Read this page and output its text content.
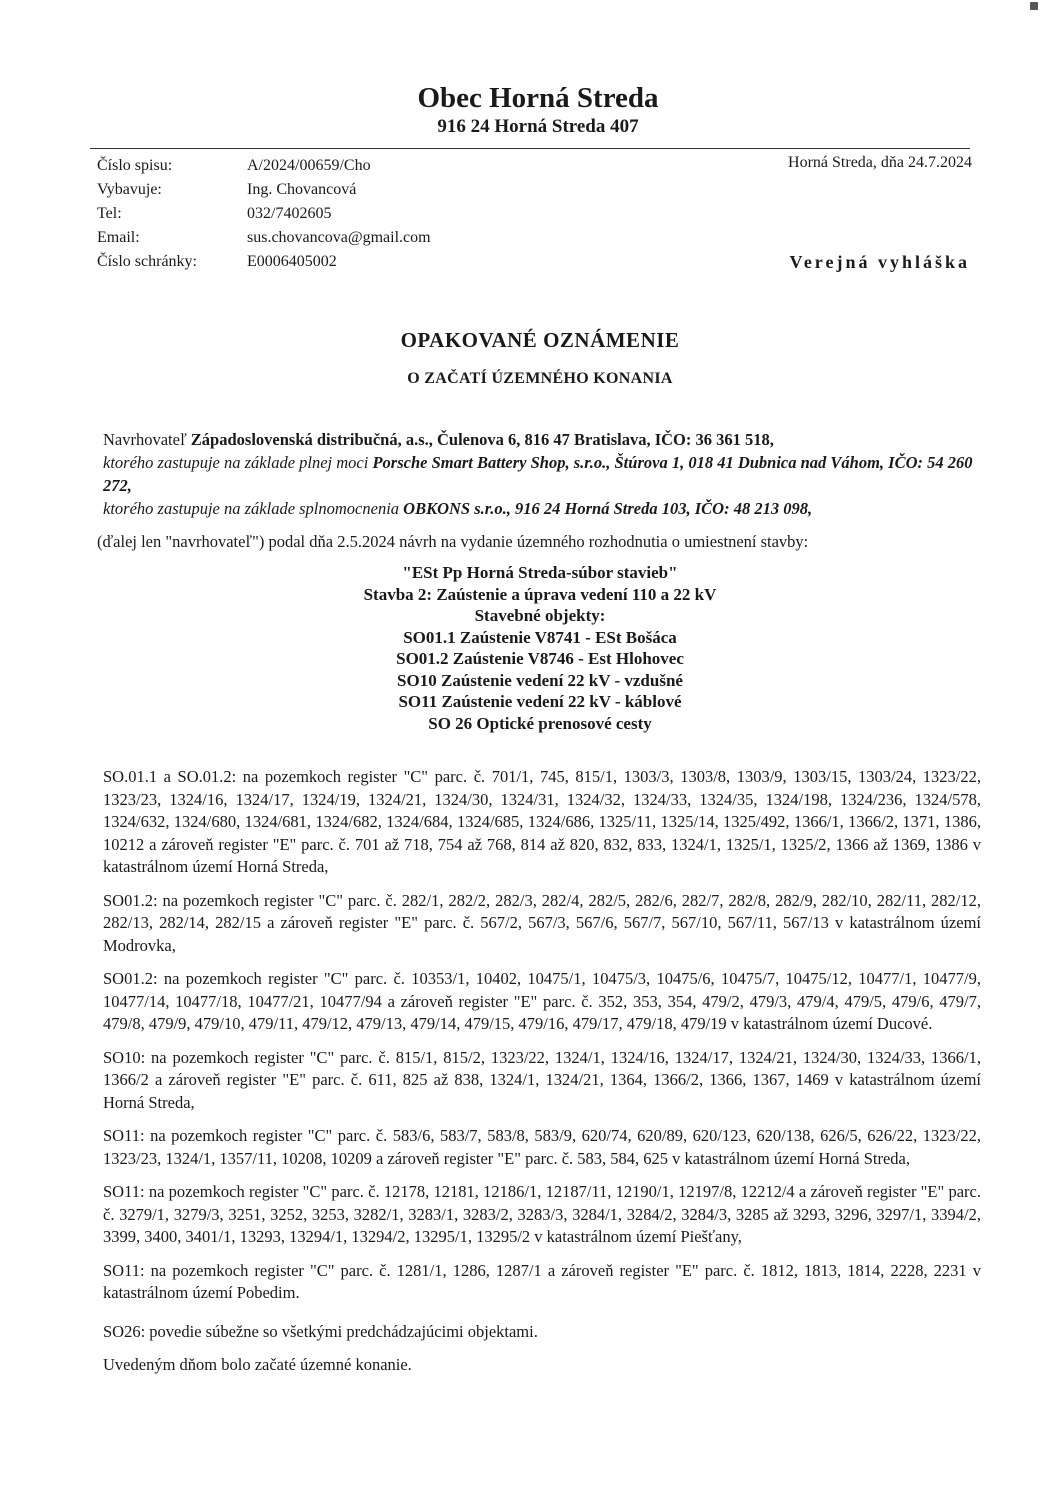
Obec Horná Streda
916 24 Horná Streda 407
Číslo spisu:	A/2024/00659/Cho
Vybavuje:	Ing. Chovancová
Tel:	032/7402605
Email:	sus.chovancova@gmail.com
Číslo schránky:	E0006405002
Horná Streda, dňa 24.7.2024
Verejná vyhláška
OPAKOVANÉ OZNÁMENIE
O ZAČATÍ ÚZEMNÉHO KONANIA
Navrhovateľ Západoslovenská distribučná, a.s., Čulenova 6, 816 47 Bratislava, IČO: 36 361 518,
ktorého zastupuje na základe plnej moci Porsche Smart Battery Shop, s.r.o., Štúrova 1, 018 41 Dubnica nad Váhom, IČO: 54 260 272,
ktorého zastupuje na základe splnomocnenia OBKONS s.r.o., 916 24 Horná Streda 103, IČO: 48 213 098,
(ďalej len "navrhovateľ") podal dňa 2.5.2024 návrh na vydanie územného rozhodnutia o umiestnení stavby:
"ESt Pp Horná Streda-súbor stavieb"
Stavba 2: Zaústenie a úprava vedení 110 a 22 kV
Stavebné objekty:
SO01.1 Zaústenie V8741 - ESt Bošáca
SO01.2 Zaústenie V8746 - Est Hlohovec
SO10 Zaústenie vedení 22 kV - vzdušné
SO11 Zaústenie vedení 22 kV - káblové
SO 26 Optické prenosové cesty

SO.01.1 a SO.01.2: na pozemkoch register "C" parc. č. 701/1, 745, 815/1, 1303/3, 1303/8, 1303/9, 1303/15, 1303/24, 1323/22, 1323/23, 1324/16, 1324/17, 1324/19, 1324/21, 1324/30, 1324/31, 1324/32, 1324/33, 1324/35, 1324/198, 1324/236, 1324/578, 1324/632, 1324/680, 1324/681, 1324/682, 1324/684, 1324/685, 1324/686, 1325/11, 1325/14, 1325/492, 1366/1, 1366/2, 1371, 1386, 10212 a zároveň register "E" parc. č. 701 až 718, 754 až 768, 814 až 820, 832, 833, 1324/1, 1325/1, 1325/2, 1366 až 1369, 1386 v katastrálnom území Horná Streda,

SO01.2: na pozemkoch register "C" parc. č. 282/1, 282/2, 282/3, 282/4, 282/5, 282/6, 282/7, 282/8, 282/9, 282/10, 282/11, 282/12, 282/13, 282/14, 282/15 a zároveň register "E" parc. č. 567/2, 567/3, 567/6, 567/7, 567/10, 567/11, 567/13 v katastrálnom území Modrovka,

SO01.2: na pozemkoch register "C" parc. č. 10353/1, 10402, 10475/1, 10475/3, 10475/6, 10475/7, 10475/12, 10477/1, 10477/9, 10477/14, 10477/18, 10477/21, 10477/94 a zároveň register "E" parc. č. 352, 353, 354, 479/2, 479/3, 479/4, 479/5, 479/6, 479/7, 479/8, 479/9, 479/10, 479/11, 479/12, 479/13, 479/14, 479/15, 479/16, 479/17, 479/18, 479/19 v katastrálnom území Ducové.

SO10: na pozemkoch register "C" parc. č. 815/1, 815/2, 1323/22, 1324/1, 1324/16, 1324/17, 1324/21, 1324/30, 1324/33, 1366/1, 1366/2 a zároveň register "E" parc. č. 611, 825 až 838, 1324/1, 1324/21, 1364, 1366/2, 1366, 1367, 1469 v katastrálnom území Horná Streda,

SO11: na pozemkoch register "C" parc. č. 583/6, 583/7, 583/8, 583/9, 620/74, 620/89, 620/123, 620/138, 626/5, 626/22, 1323/22, 1323/23, 1324/1, 1357/11, 10208, 10209 a zároveň register "E" parc. č. 583, 584, 625 v katastrálnom území Horná Streda,

SO11: na pozemkoch register "C" parc. č. 12178, 12181, 12186/1, 12187/11, 12190/1, 12197/8, 12212/4 a zároveň register "E" parc. č. 3279/1, 3279/3, 3251, 3252, 3253, 3282/1, 3283/1, 3283/2, 3283/3, 3284/1, 3284/2, 3284/3, 3285 až 3293, 3296, 3297/1, 3394/2, 3399, 3400, 3401/1, 13293, 13294/1, 13294/2, 13295/1, 13295/2 v katastrálnom území Piešťany,

SO11: na pozemkoch register "C" parc. č. 1281/1, 1286, 1287/1 a zároveň register "E" parc. č. 1812, 1813, 1814, 2228, 2231 v katastrálnom území Pobedim.

SO26: povedie súbežne so všetkými predchádzajúcimi objektami.

Uvedeným dňom bolo začaté územné konanie.
